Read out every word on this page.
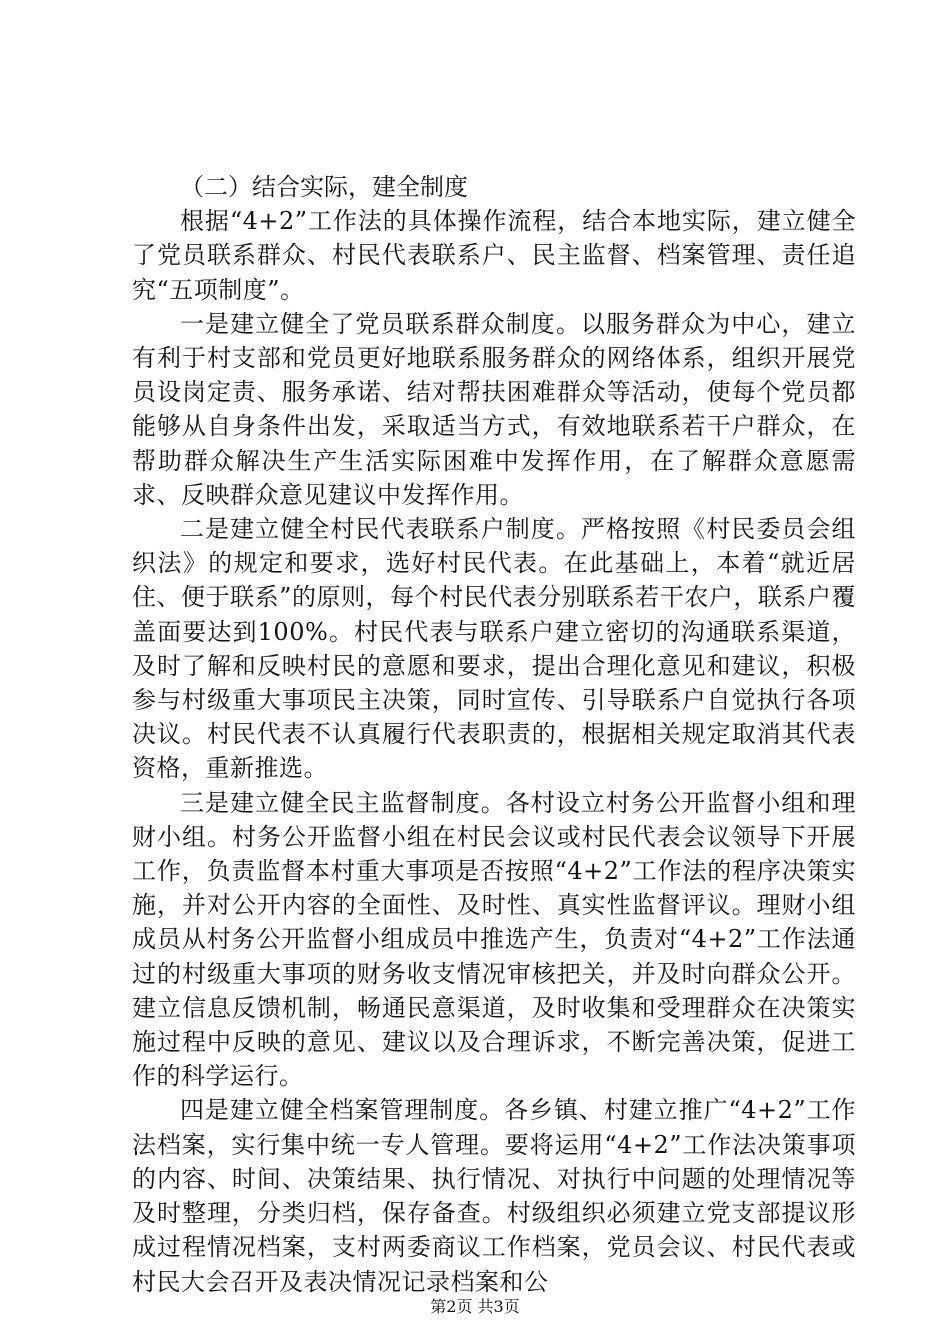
（二）结合实际，建全制度

根据“4+2”工作法的具体操作流程，结合本地实际，建立健全了党员联系群众、村民代表联系户、民主监督、档案管理、责任追究“五项制度”。

一是建立健全了党员联系群众制度。以服务群众为中心，建立有利于村支部和党员更好地联系服务群众的网络体系，组织开展党员设岗定责、服务承诺、结对帮扶困难群众等活动，使每个党员都能够从自身条件出发，采取适当方式，有效地联系若干户群众，在帮助群众解决生产生活实际困难中发挥作用，在了解群众意愿需求、反映群众意见建议中发挥作用。

二是建立健全村民代表联系户制度。严格按照《村民委员会组织法》的规定和要求，选好村民代表。在此基础上，本着“就近居住、便于联系”的原则，每个村民代表分别联系若干农户，联系户覆盖面要达到100%。村民代表与联系户建立密切的沟通联系渠道，及时了解和反映村民的意愿和要求，提出合理化意见和建议，积极参与村级重大事项民主决策，同时宣传、引导联系户自觉执行各项决议。村民代表不认真履行代表职责的，根据相关规定取消其代表资格，重新推选。

三是建立健全民主监督制度。各村设立村务公开监督小组和理财小组。村务公开监督小组在村民会议或村民代表会议领导下开展工作，负责监督本村重大事项是否按照“4+2”工作法的程序决策实施，并对公开内容的全面性、及时性、真实性监督评议。理财小组成员从村务公开监督小组成员中推选产生，负责对“4+2”工作法通过的村级重大事项的财务收支情况审核把关，并及时向群众公开。建立信息反馈机制，畅通民意渠道，及时收集和受理群众在决策实施过程中反映的意见、建议以及合理诉求，不断完善决策，促进工作的科学运行。

四是建立健全档案管理制度。各乡镇、村建立推广“4+2”工作法档案，实行集中统一专人管理。要将运用“4+2”工作法决策事项的内容、时间、决策结果、执行情况、对执行中问题的处理情况等及时整理，分类归档，保存备查。村级组织必须建立党支部提议形成过程情况档案，支村两委商议工作档案，党员会议、村民代表或村民大会召开及表决情况记录档案和公

第2页 共3页
